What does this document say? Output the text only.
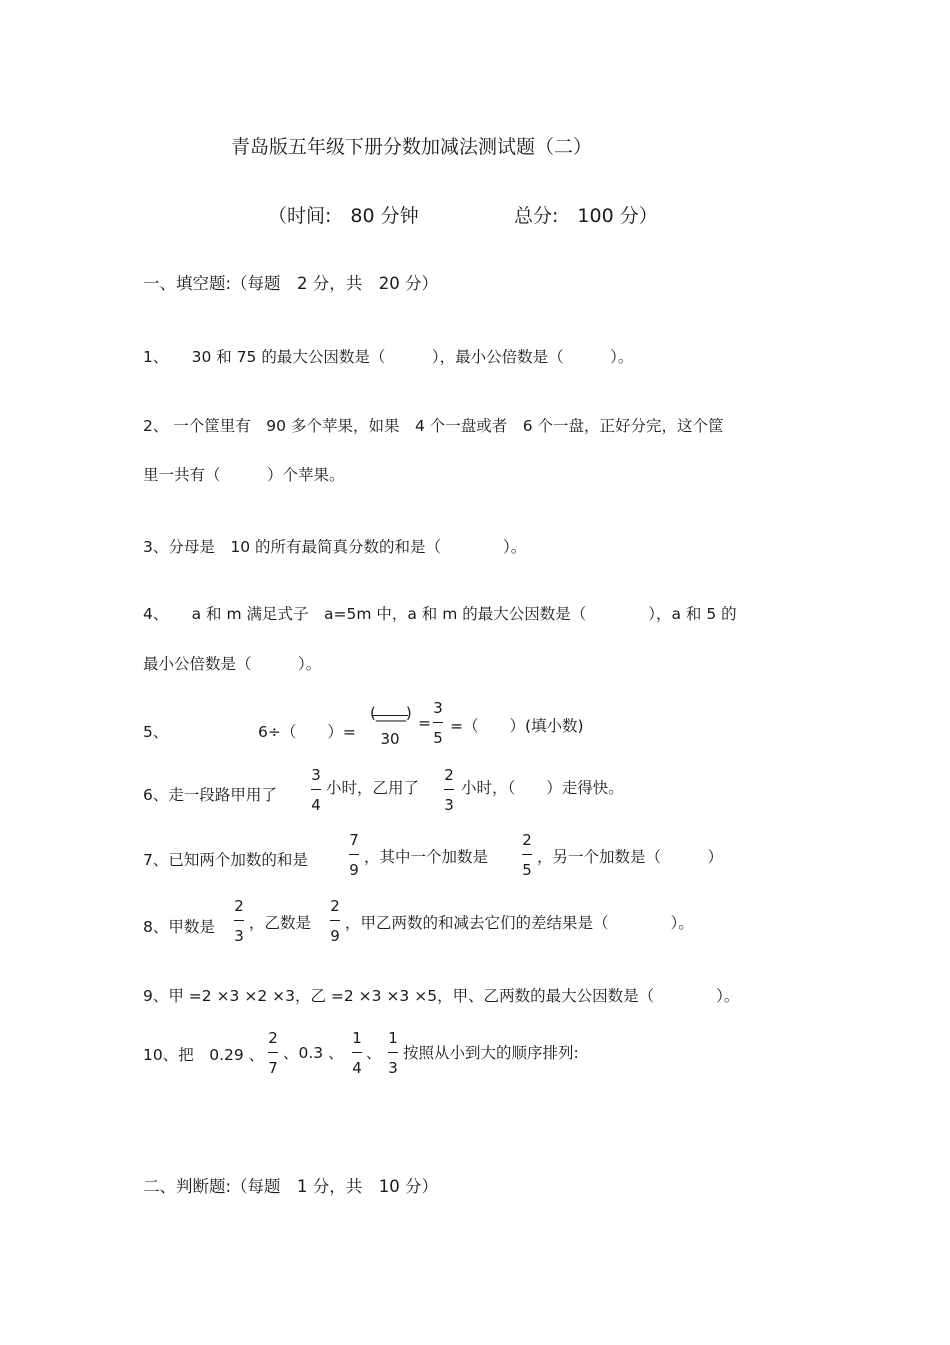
青岛版五年级下册分数加减法测试题（二）
（时间:　80 分钟	总分:　100 分）
一、填空题:（每题　2 分，共　20 分）
1、　　30 和 75 的最大公因数是（　　　），最小公倍数是（　　　）。
2、 一个筐里有　90 多个苹果，如果　4 个一盘或者　6 个一盘，正好分完，这个筐
里一共有（　　　）个苹果。
3、分母是　10 的所有最简真分数的和是（　　　　）。
4、　　a 和 m 满足式子　a=5m 中，a 和 m 的最大公因数是（　　　　），a 和 5 的
最小公倍数是（　　　）。
5、	6÷（　　）=
(____)
30
=
3
5
=（　　）(填小数)
6、走一段路甲用了
3
4
小时，乙用了
2
3
小时，（　　）走得快。
7、已知两个加数的和是
7
9
，其中一个加数是
2
5
，另一个加数是（　　　）
8、甲数是
2
3
，乙数是
2
9
，甲乙两数的和减去它们的差结果是（　　　　）。
9、甲 =2 ×3 ×2 ×3，乙 =2 ×3 ×3 ×5，甲、乙两数的最大公因数是（　　　　）。
10、把　0.29 、
2
7
、0.3 、
1
4
、
1
3
按照从小到大的顺序排列:
二、判断题:（每题　1 分，共　10 分）
